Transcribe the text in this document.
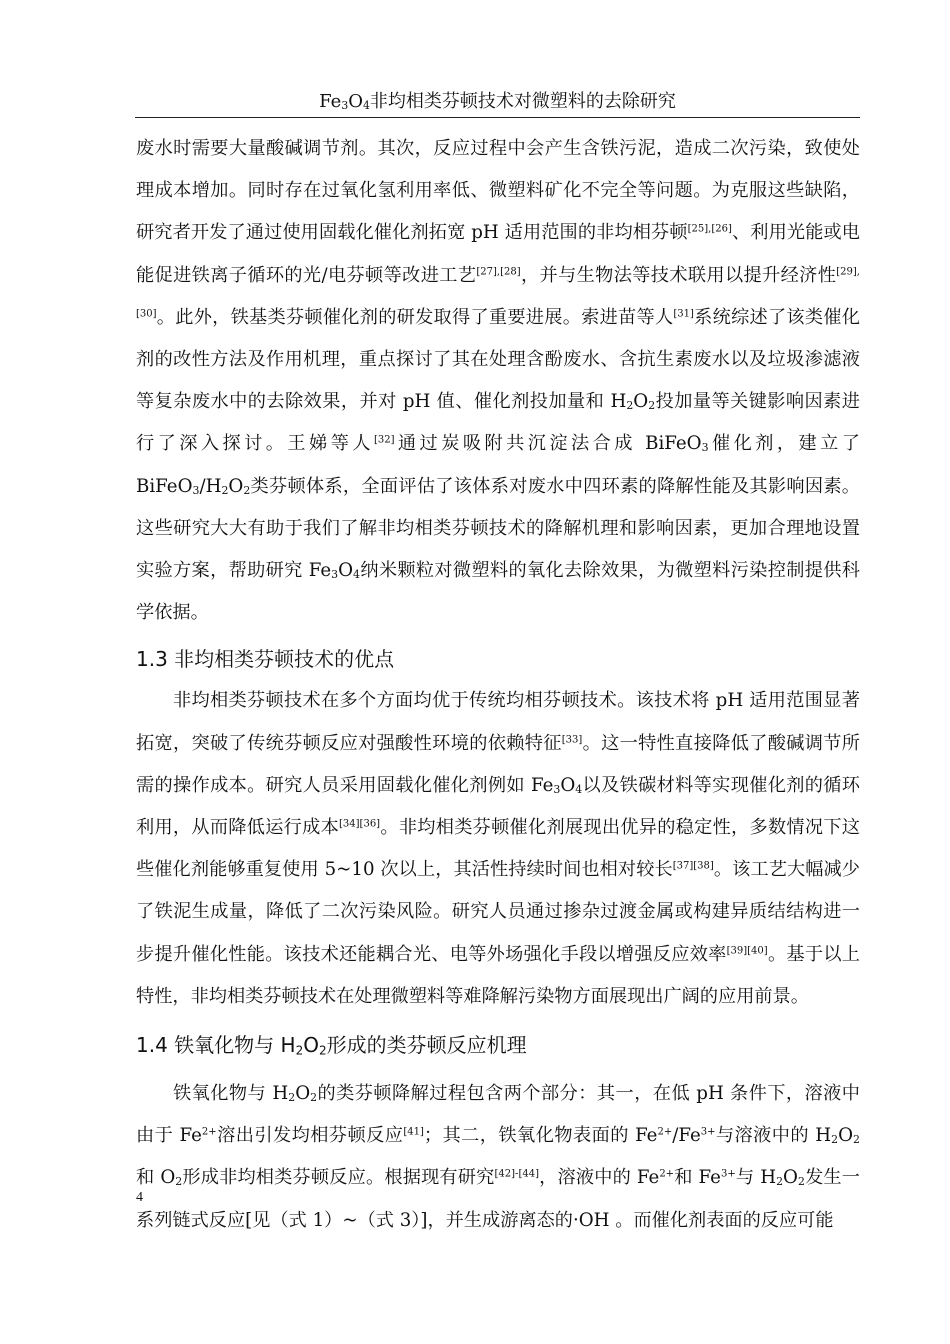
$Fe_3O_4$非均相类芬顿技术对微塑料的去除研究

废水时需要大量酸碱调节剂。其次，反应过程中会产生含铁污泥，造成二次污染，致使处理成本增加。同时存在过氧化氢利用率低、微塑料矿化不完全等问题。为克服这些缺陷，研究者开发了通过使用固载化催化剂拓宽 pH 适用范围的非均相芬顿[25],[26]、利用光能或电能促进铁离子循环的光/电芬顿等改进工艺[27],[28]，并与生物法等技术联用以提升经济性[29],[30]。此外，铁基类芬顿催化剂的研发取得了重要进展。索进苗等人[31]系统综述了该类催化剂的改性方法及作用机理，重点探讨了其在处理含酚废水、含抗生素废水以及垃圾渗滤液等复杂废水中的去除效果，并对 pH 值、催化剂投加量和 $H_2O_2$投加量等关键影响因素进行了深入探讨。王娣等人[32]通过炭吸附共沉淀法合成 BiFeO$_3$催化剂，建立了 $BiFeO_3/H_2O_2$类芬顿体系，全面评估了该体系对废水中四环素的降解性能及其影响因素。这些研究大大有助于我们了解非均相类芬顿技术的降解机理和影响因素，更加合理地设置实验方案，帮助研究 $Fe_3O_4$纳米颗粒对微塑料的氧化去除效果，为微塑料污染控制提供科学依据。

1.3 非均相类芬顿技术的优点

非均相类芬顿技术在多个方面均优于传统均相芬顿技术。该技术将 pH 适用范围显著拓宽，突破了传统芬顿反应对强酸性环境的依赖特征[33]。这一特性直接降低了酸碱调节所需的操作成本。研究人员采用固载化催化剂例如 $Fe_3O_4$以及铁碳材料等实现催化剂的循环利用，从而降低运行成本[34][36]。非均相类芬顿催化剂展现出优异的稳定性，多数情况下这些催化剂能够重复使用 5~10 次以上，其活性持续时间也相对较长[37][38]。该工艺大幅减少了铁泥生成量，降低了二次污染风险。研究人员通过掺杂过渡金属或构建异质结结构进一步提升催化性能。该技术还能耦合光、电等外场强化手段以增强反应效率[39][40]。基于以上特性，非均相类芬顿技术在处理微塑料等难降解污染物方面展现出广阔的应用前景。

1.4 铁氧化物与 $H_2O_2$形成的类芬顿反应机理

铁氧化物与 $H_2O_2$的类芬顿降解过程包含两个部分：其一，在低 pH 条件下，溶液中由于 $Fe^{2+}$溶出引发均相芬顿反应[41]；其二，铁氧化物表面的 $Fe^{2+}/Fe^{3+}$与溶液中的 $H_2O_2$和 $O_2$形成非均相类芬顿反应。根据现有研究[42]-[44]，溶液中的 $Fe^{2+}$和 $Fe^{3+}$与 $H_2O_2$发生一系列链式反应[见（式 1）~（式 3）]，并生成游离态的·OH 。而催化剂表面的反应可能

4
